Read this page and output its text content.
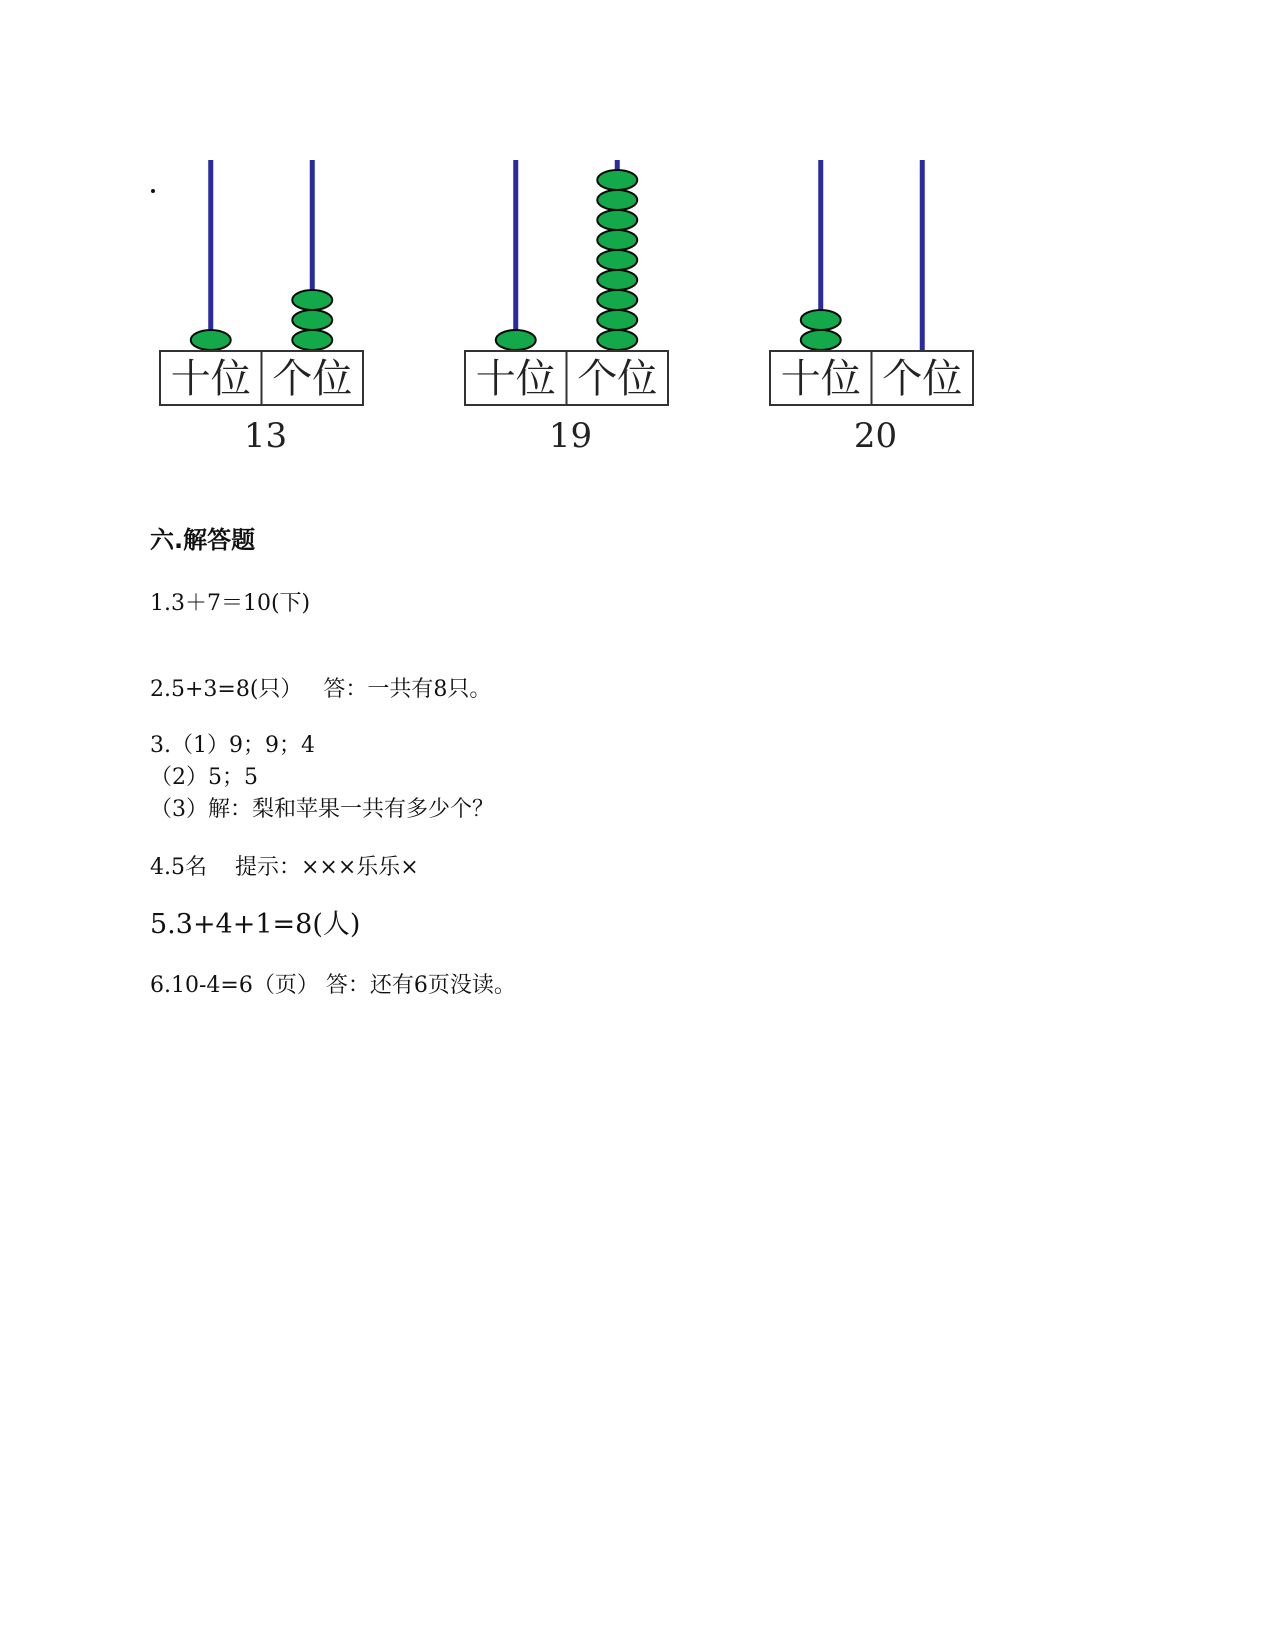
十位 个位
13
十位 个位
19
十位 个位
20
六.解答题
1.3＋7＝10(下)
2.5+3=8(只）   答：一共有8只。
3.（1）9；9；4
（2）5；5
（3）解：梨和苹果一共有多少个？
4.5名    提示：×××乐乐×
5.3+4+1=8(人)
6.10-4=6（页） 答：还有6页没读。
